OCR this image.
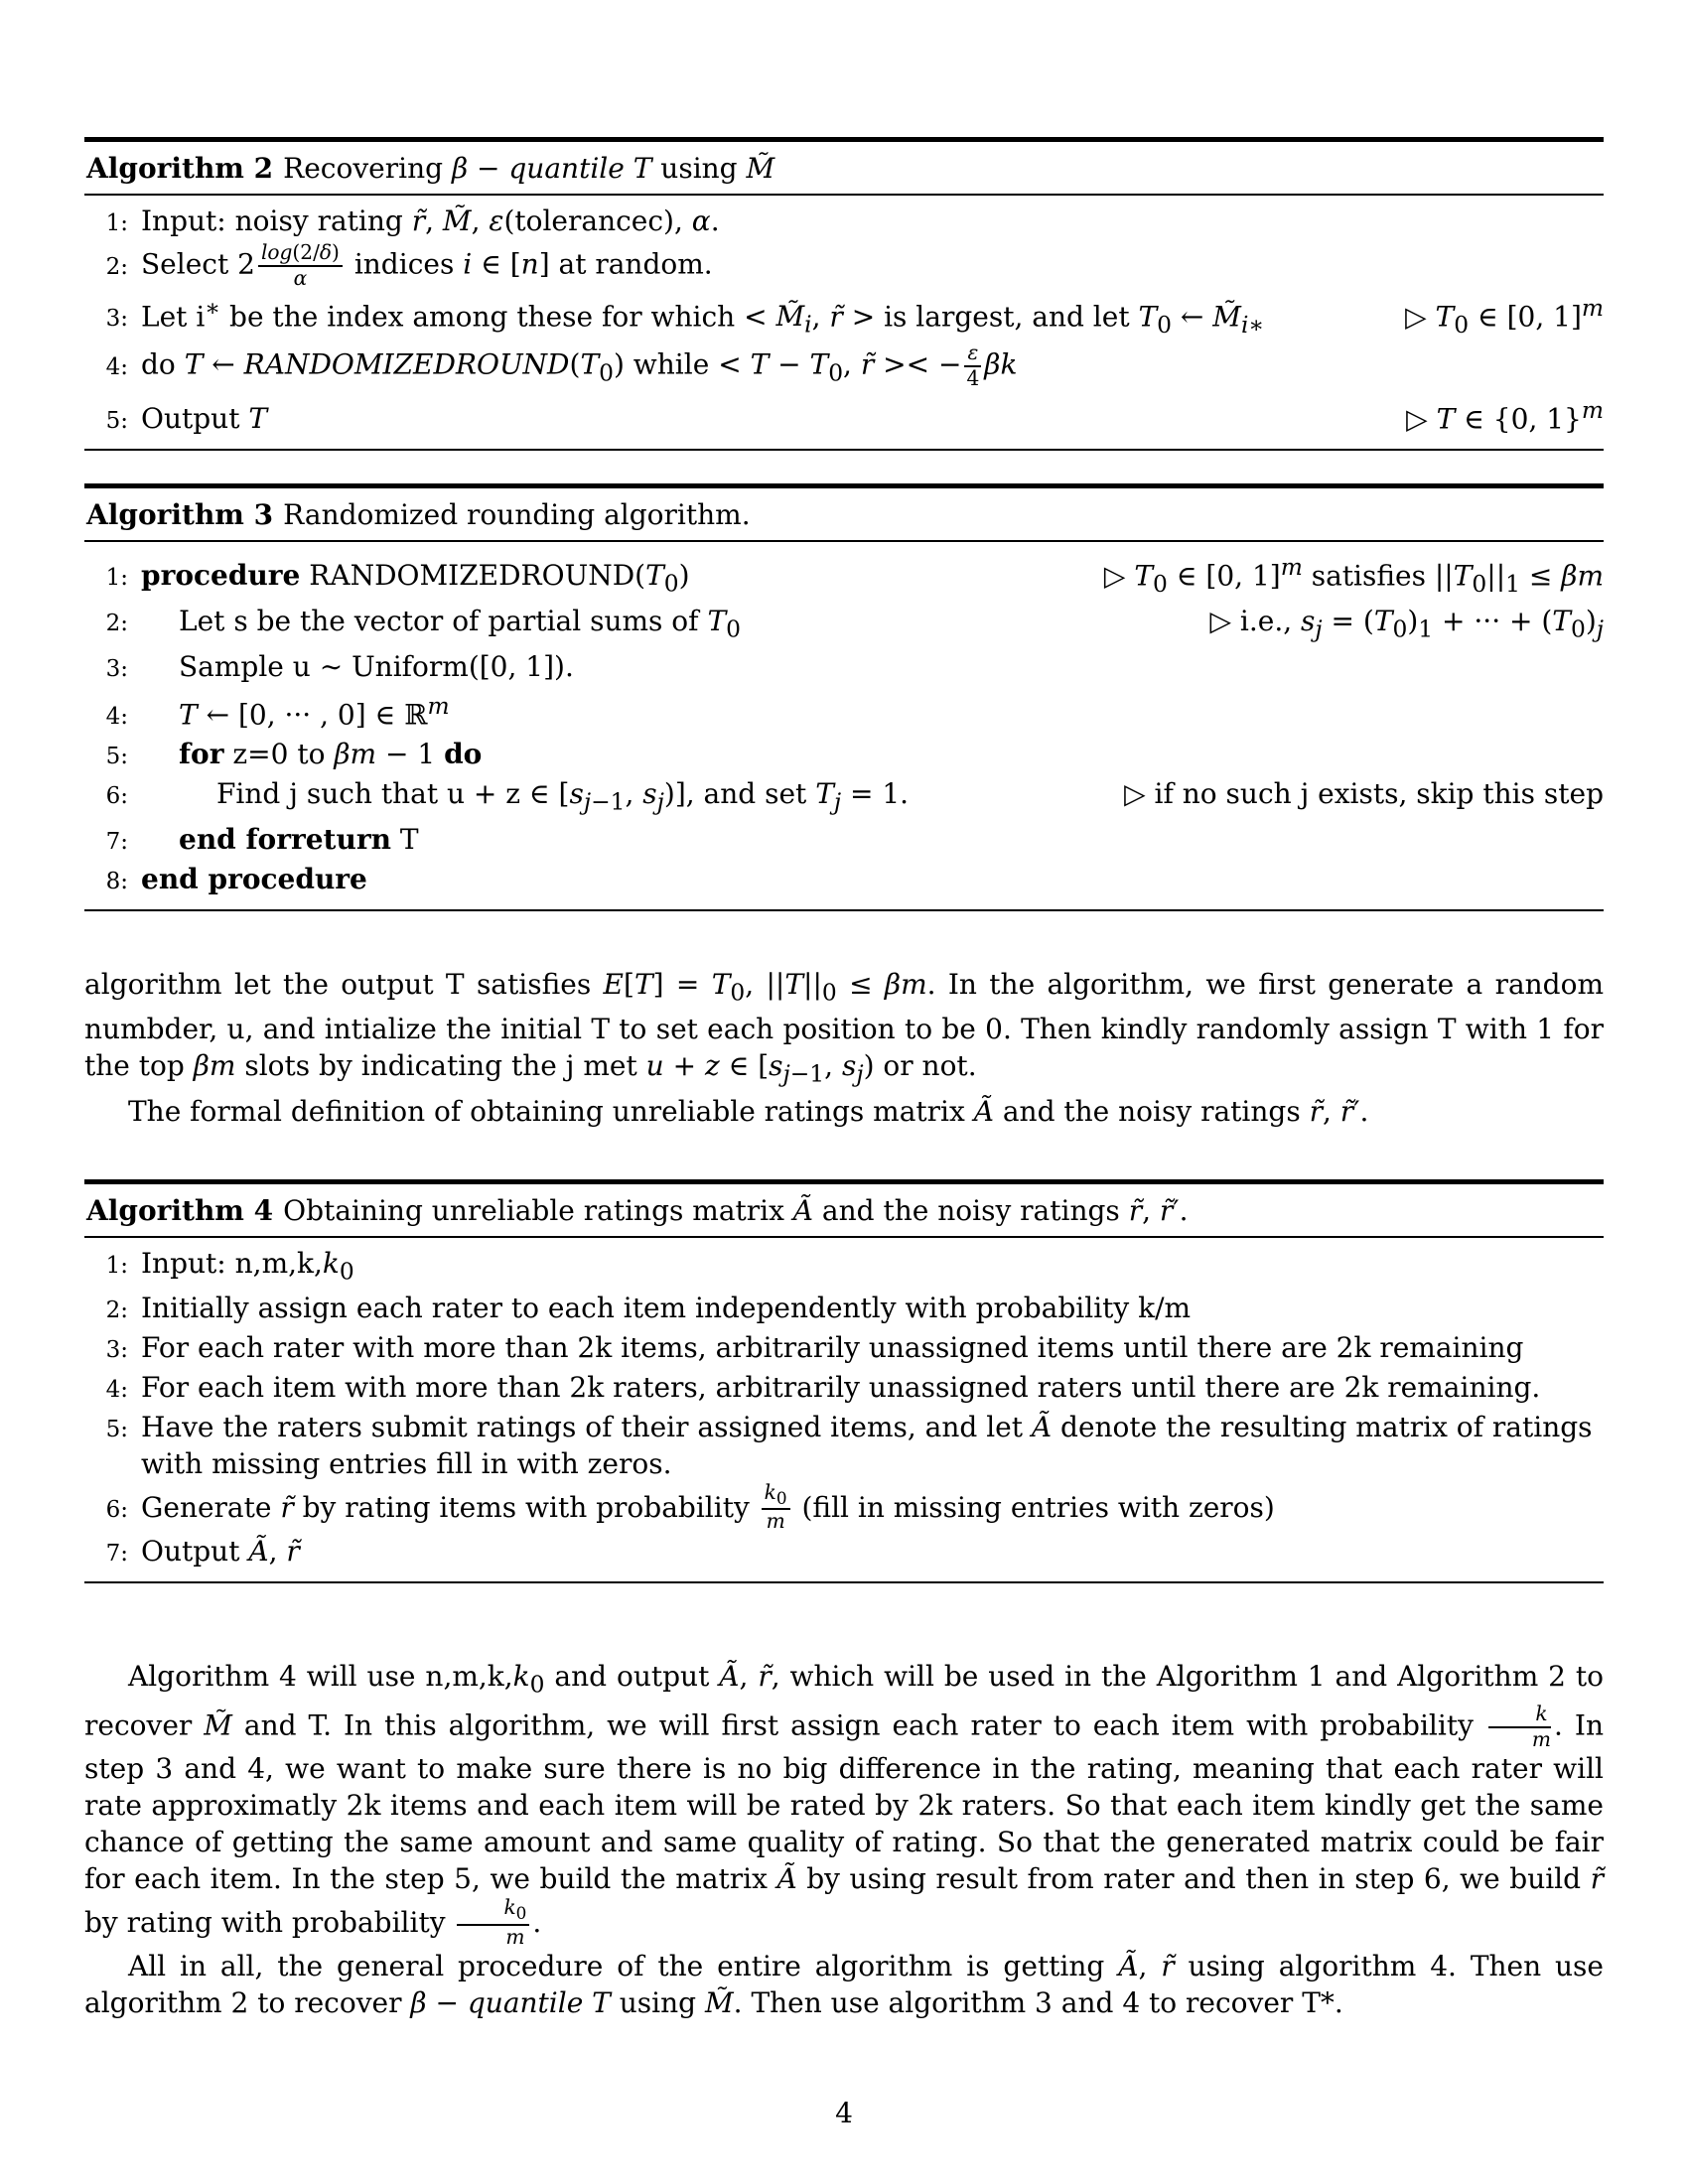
Algorithm 2 Recovering β − quantile T using M̃
1: Input: noisy rating r̃, M̃, ε(tolerancec), α.
2: Select $2 \frac{\log(2/\delta)}{\alpha}$ indices i ∈ [n] at random.
3: Let i∗ be the index among these for which < $M̃_i$, r̃ > is largest, and let $T_0$ ← $M̃_{i∗}$	▷ $T_0$ ∈ [0, 1]$^m$
4: do T ← $RANDOMIZEDROUND(T_0)$ while < $T - T_0$, r̃ >< − $\frac{\varepsilon}{4}$ βk
5: Output T	▷ T ∈ {0, 1}$^m$
Algorithm 3 Randomized rounding algorithm.
1: procedure $RANDOMIZEDROUND(T_0)$	▷ $T_0$ ∈ [0, 1]$^m$ satisfies $||T_0||_1 \le \beta m$
2:	Let s be the vector of partial sums of $T_0$	▷ i.e., $s_j = (T_0)_1$ + ··· + $(T_0)_j$
3:	Sample u ∼ Uniform([0, 1]).
4:	T ← [0, ··· , 0] ∈ ℝ$^m$
5:	for z=0 to βm − 1 do
6:	Find j such that u + z ∈ [$s_{j-1}$, $s_j$)], and set $T_j = 1$.	▷ if no such j exists, skip this step
7:	end forreturn T
8: end procedure

algorithm let the output T satisfies $E[T] = T_0$, $||T||_0 \le \beta m$. In the algorithm, we first generate a random numbder, u, and intialize the initial T to set each position to be 0. Then kindly randomly assign T with 1 for the top βm slots by indicating the j met u + z ∈ [$s_{j-1}$, $s_j$) or not.

The formal definition of obtaining unreliable ratings matrix Ã and the noisy ratings r̃, r̃′.

Algorithm 4 Obtaining unreliable ratings matrix Ã and the noisy ratings r̃, r̃′.
1: Input: $n,m,k,k_0$
2: Initially assign each rater to each item independently with probability k/m
3: For each rater with more than 2k items, arbitrarily unassigned items until there are 2k remaining
4: For each item with more than 2k raters, arbitrarily unassigned raters until there are 2k remaining.
5: Have the raters submit ratings of their assigned items, and let Ã denote the resulting matrix of ratings with missing entries fill in with zeros.
6: Generate r̃ by rating items with probability $\frac{k_0}{m}$ (fill in missing entries with zeros)
7: Output Ã, r̃

Algorithm 4 will use $n,m,k,k_0$ and output Ã, r̃, which will be used in the Algorithm 1 and Algorithm 2 to recover M̃ and T. In this algorithm, we will first assign each rater to each item with probability $\frac{k}{m}$ . In step 3 and 4, we want to make sure there is no big difference in the rating, meaning that each rater will rate approximatly 2k items and each item will be rated by 2k raters. So that each item kindly get the same chance of getting the same amount and same quality of rating. So that the generated matrix could be fair for each item. In the step 5, we build the matrix Ã by using result from rater and then in step 6, we build r̃ by rating with probability $\frac{k_0}{m}$ .

All in all, the general procedure of the entire algorithm is getting Ã, r̃ using algorithm 4. Then use algorithm 2 to recover β − quantile T using M̃. Then use algorithm 3 and 4 to recover T*.

4
